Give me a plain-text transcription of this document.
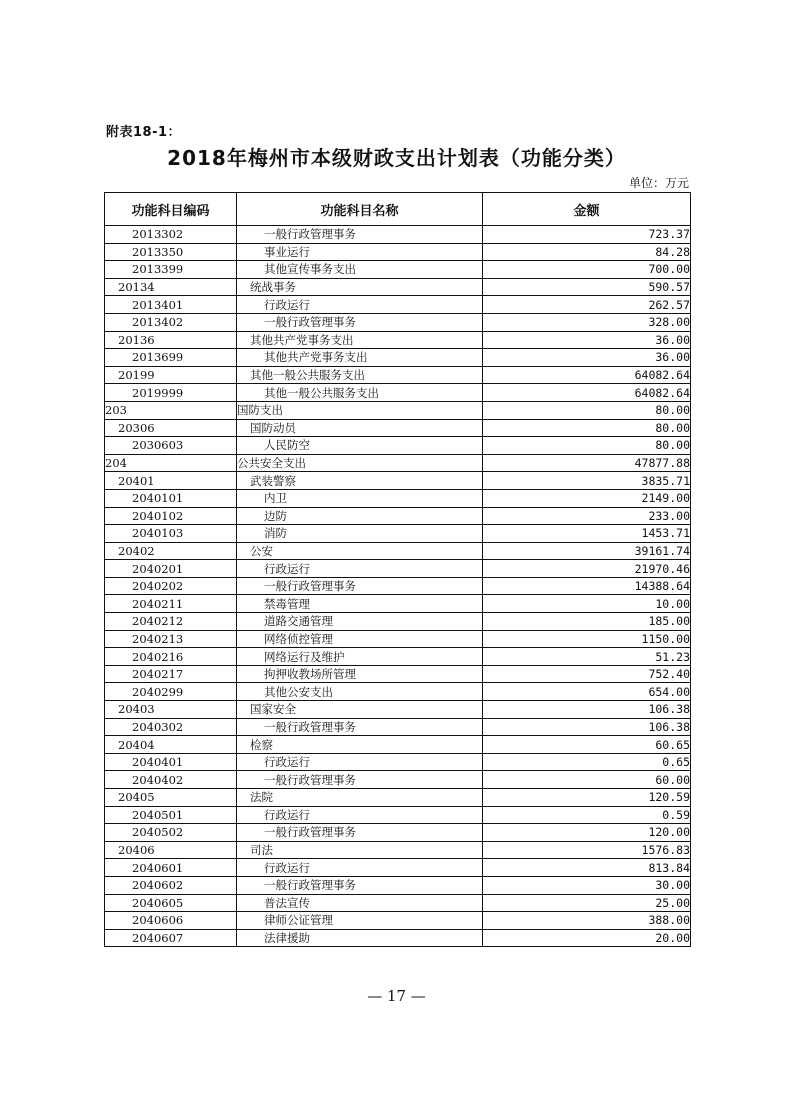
附表18-1：
2018年梅州市本级财政支出计划表（功能分类）
单位：万元
功能科目编码	功能科目名称	金额
2013302	一般行政管理事务	723.37
2013350	事业运行	84.28
2013399	其他宣传事务支出	700.00
20134	统战事务	590.57
2013401	行政运行	262.57
2013402	一般行政管理事务	328.00
20136	其他共产党事务支出	36.00
2013699	其他共产党事务支出	36.00
20199	其他一般公共服务支出	64082.64
2019999	其他一般公共服务支出	64082.64
203	国防支出	80.00
20306	国防动员	80.00
2030603	人民防空	80.00
204	公共安全支出	47877.88
20401	武装警察	3835.71
2040101	内卫	2149.00
2040102	边防	233.00
2040103	消防	1453.71
20402	公安	39161.74
2040201	行政运行	21970.46
2040202	一般行政管理事务	14388.64
2040211	禁毒管理	10.00
2040212	道路交通管理	185.00
2040213	网络侦控管理	1150.00
2040216	网络运行及维护	51.23
2040217	拘押收教场所管理	752.40
2040299	其他公安支出	654.00
20403	国家安全	106.38
2040302	一般行政管理事务	106.38
20404	检察	60.65
2040401	行政运行	0.65
2040402	一般行政管理事务	60.00
20405	法院	120.59
2040501	行政运行	0.59
2040502	一般行政管理事务	120.00
20406	司法	1576.83
2040601	行政运行	813.84
2040602	一般行政管理事务	30.00
2040605	普法宣传	25.00
2040606	律师公证管理	388.00
2040607	法律援助	20.00
— 17 —
